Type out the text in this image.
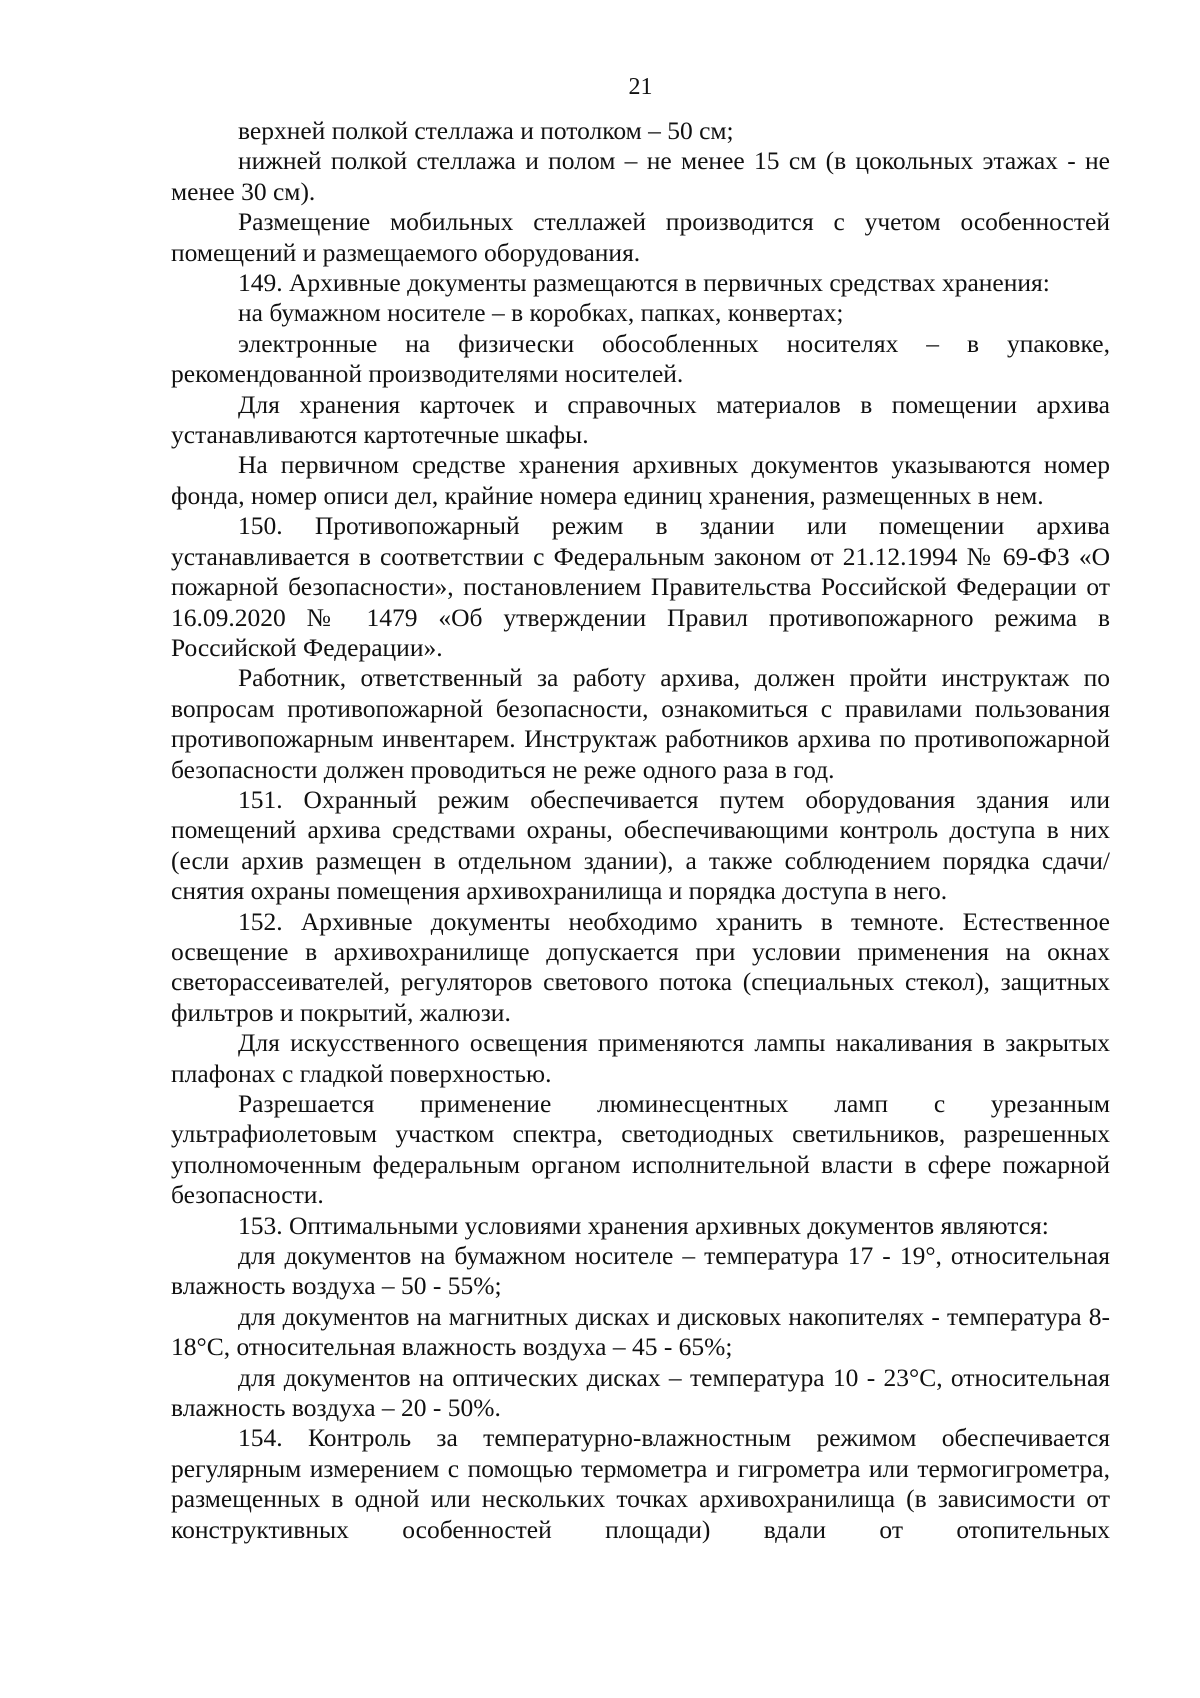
21

верхней полкой стеллажа и потолком – 50 см;

нижней полкой стеллажа и полом – не менее 15 см (в цокольных этажах - не менее 30 см).

Размещение мобильных стеллажей производится с учетом особенностей помещений и размещаемого оборудования.

149. Архивные документы размещаются в первичных средствах хранения:

на бумажном носителе – в коробках, папках, конвертах;

электронные на физически обособленных носителях – в упаковке, рекомендованной производителями носителей.

Для хранения карточек и справочных материалов в помещении архива устанавливаются картотечные шкафы.

На первичном средстве хранения архивных документов указываются номер фонда, номер описи дел, крайние номера единиц хранения, размещенных в нем.

150. Противопожарный режим в здании или помещении архива устанавливается в соответствии с Федеральным законом от 21.12.1994 № 69-ФЗ «О пожарной безопасности», постановлением Правительства Российской Федерации от 16.09.2020 № 1479 «Об утверждении Правил противопожарного режима в Российской Федерации».

Работник, ответственный за работу архива, должен пройти инструктаж по вопросам противопожарной безопасности, ознакомиться с правилами пользования противопожарным инвентарем. Инструктаж работников архива по противопожарной безопасности должен проводиться не реже одного раза в год.

151. Охранный режим обеспечивается путем оборудования здания или помещений архива средствами охраны, обеспечивающими контроль доступа в них (если архив размещен в отдельном здании), а также соблюдением порядка сдачи/снятия охраны помещения архивохранилища и порядка доступа в него.

152. Архивные документы необходимо хранить в темноте. Естественное освещение в архивохранилище допускается при условии применения на окнах светорассеивателей, регуляторов светового потока (специальных стекол), защитных фильтров и покрытий, жалюзи.

Для искусственного освещения применяются лампы накаливания в закрытых плафонах с гладкой поверхностью.

Разрешается применение люминесцентных ламп с урезанным ультрафиолетовым участком спектра, светодиодных светильников, разрешенных уполномоченным федеральным органом исполнительной власти в сфере пожарной безопасности.

153. Оптимальными условиями хранения архивных документов являются:

для документов на бумажном носителе – температура 17 - 19°, относительная влажность воздуха – 50 - 55%;

для документов на магнитных дисках и дисковых накопителях - температура 8-18°С, относительная влажность воздуха – 45 - 65%;

для документов на оптических дисках – температура 10 - 23°С, относительная влажность воздуха – 20 - 50%.

154. Контроль за температурно-влажностным режимом обеспечивается регулярным измерением с помощью термометра и гигрометра или термогигрометра, размещенных в одной или нескольких точках архивохранилища (в зависимости от конструктивных особенностей площади) вдали от отопительных
